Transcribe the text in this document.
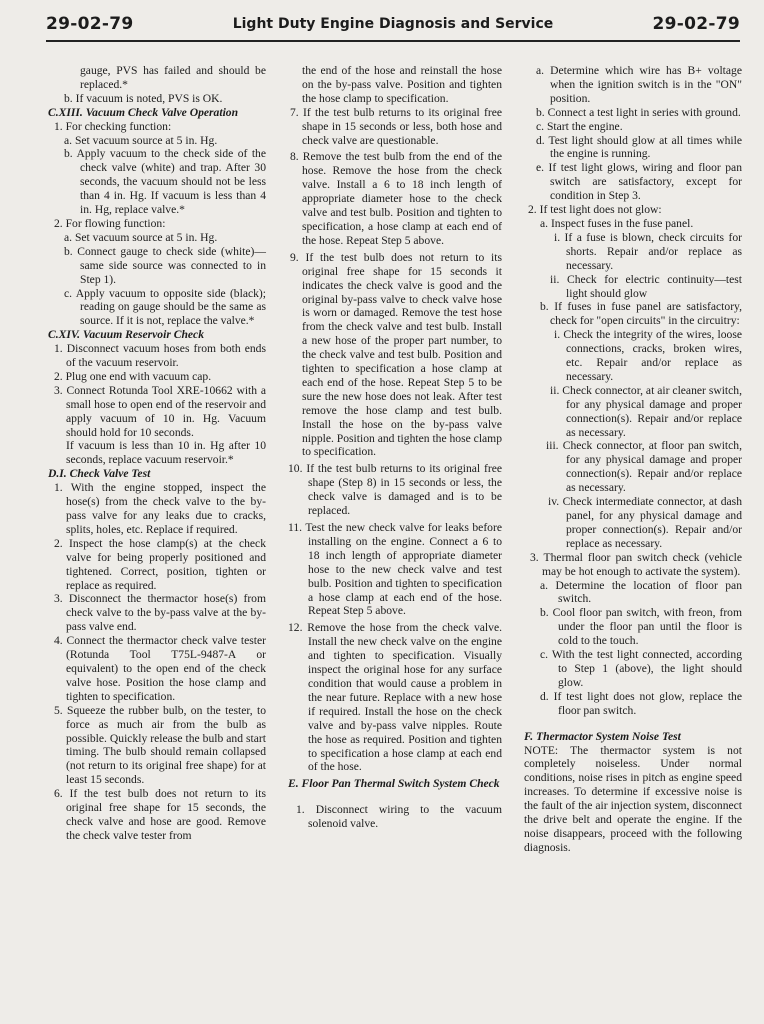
29-02-79	Light Duty Engine Diagnosis and Service	29-02-79
gauge, PVS has failed and should be replaced.*
b. If vacuum is noted, PVS is OK.
C.XIII. Vacuum Check Valve Operation
1. For checking function:
a. Set vacuum source at 5 in. Hg.
b. Apply vacuum to the check side of the check valve (white) and trap. After 30 seconds, the vacuum should not be less than 4 in. Hg. If vacuum is less than 4 in. Hg, replace valve.*
2. For flowing function:
a. Set vacuum source at 5 in. Hg.
b. Connect gauge to check side (white)—same side source was connected to in Step 1).
c. Apply vacuum to opposite side (black); reading on gauge should be the same as source. If it is not, replace the valve.*
C.XIV. Vacuum Reservoir Check
1. Disconnect vacuum hoses from both ends of the vacuum reservoir.
2. Plug one end with vacuum cap.
3. Connect Rotunda Tool XRE-10662 with a small hose to open end of the reservoir and apply vacuum of 10 in. Hg. Vacuum should hold for 10 seconds.
If vacuum is less than 10 in. Hg after 10 seconds, replace vacuum reservoir.*
D.I. Check Valve Test
1. With the engine stopped, inspect the hose(s) from the check valve to the by-pass valve for any leaks due to cracks, splits, holes, etc. Replace if required.
2. Inspect the hose clamp(s) at the check valve for being properly positioned and tightened. Correct, position, tighten or replace as required.
3. Disconnect the thermactor hose(s) from check valve to the by-pass valve at the by-pass valve end.
4. Connect the thermactor check valve tester (Rotunda Tool T75L-9487-A or equivalent) to the open end of the check valve hose. Position the hose clamp and tighten to specification.
5. Squeeze the rubber bulb, on the tester, to force as much air from the bulb as possible. Quickly release the bulb and start timing. The bulb should remain collapsed (not return to its original free shape) for at least 15 seconds.
6. If the test bulb does not return to its original free shape for 15 seconds, the check valve and hose are good. Remove the check valve tester from
the end of the hose and reinstall the hose on the by-pass valve. Position and tighten the hose clamp to specification.
7. If the test bulb returns to its original free shape in 15 seconds or less, both hose and check valve are questionable.
8. Remove the test bulb from the end of the hose. Remove the hose from the check valve. Install a 6 to 18 inch length of appropriate diameter hose to the check valve and test bulb. Position and tighten to specification, a hose clamp at each end of the hose. Repeat Step 5 above.
9. If the test bulb does not return to its original free shape for 15 seconds it indicates the check valve is good and the original by-pass valve to check valve hose is worn or damaged. Remove the test hose from the check valve and test bulb. Install a new hose of the proper part number, to the check valve and test bulb. Position and tighten to specification a hose clamp at each end of the hose. Repeat Step 5 to be sure the new hose does not leak. After test remove the hose clamp and test bulb. Install the hose on the by-pass valve nipple. Position and tighten the hose clamp to specification.
10. If the test bulb returns to its original free shape (Step 8) in 15 seconds or less, the check valve is damaged and is to be replaced.
11. Test the new check valve for leaks before installing on the engine. Connect a 6 to 18 inch length of appropriate diameter hose to the new check valve and test bulb. Position and tighten to specification a hose clamp at each end of the hose. Repeat Step 5 above.
12. Remove the hose from the check valve. Install the new check valve on the engine and tighten to specification. Visually inspect the original hose for any surface condition that would cause a problem in the near future. Replace with a new hose if required. Install the hose on the check valve and by-pass valve nipples. Route the hose as required. Position and tighten to specification a hose clamp at each end of the hose.
E. Floor Pan Thermal Switch System Check
1. Disconnect wiring to the vacuum solenoid valve.
a. Determine which wire has B+ voltage when the ignition switch is in the "ON" position.
b. Connect a test light in series with ground.
c. Start the engine.
d. Test light should glow at all times while the engine is running.
e. If test light glows, wiring and floor pan switch are satisfactory, except for condition in Step 3.
2. If test light does not glow:
a. Inspect fuses in the fuse panel.
i. If a fuse is blown, check circuits for shorts. Repair and/or replace as necessary.
ii. Check for electric continuity—test light should glow
b. If fuses in fuse panel are satisfactory, check for "open circuits" in the circuitry:
i. Check the integrity of the wires, loose connections, cracks, broken wires, etc. Repair and/or replace as necessary.
ii. Check connector, at air cleaner switch, for any physical damage and proper connection(s). Repair and/or replace as necessary.
iii. Check connector, at floor pan switch, for any physical damage and proper connection(s). Repair and/or replace as necessary.
iv. Check intermediate connector, at dash panel, for any physical damage and proper connection(s). Repair and/or replace as necessary.
3. Thermal floor pan switch check (vehicle may be hot enough to activate the system).
a. Determine the location of floor pan switch.
b. Cool floor pan switch, with freon, from under the floor pan until the floor is cold to the touch.
c. With the test light connected, according to Step 1 (above), the light should glow.
d. If test light does not glow, replace the floor pan switch.
F. Thermactor System Noise Test
NOTE: The thermactor system is not completely noiseless. Under normal conditions, noise rises in pitch as engine speed increases. To determine if excessive noise is the fault of the air injection system, disconnect the drive belt and operate the engine. If the noise disappears, proceed with the following diagnosis.
